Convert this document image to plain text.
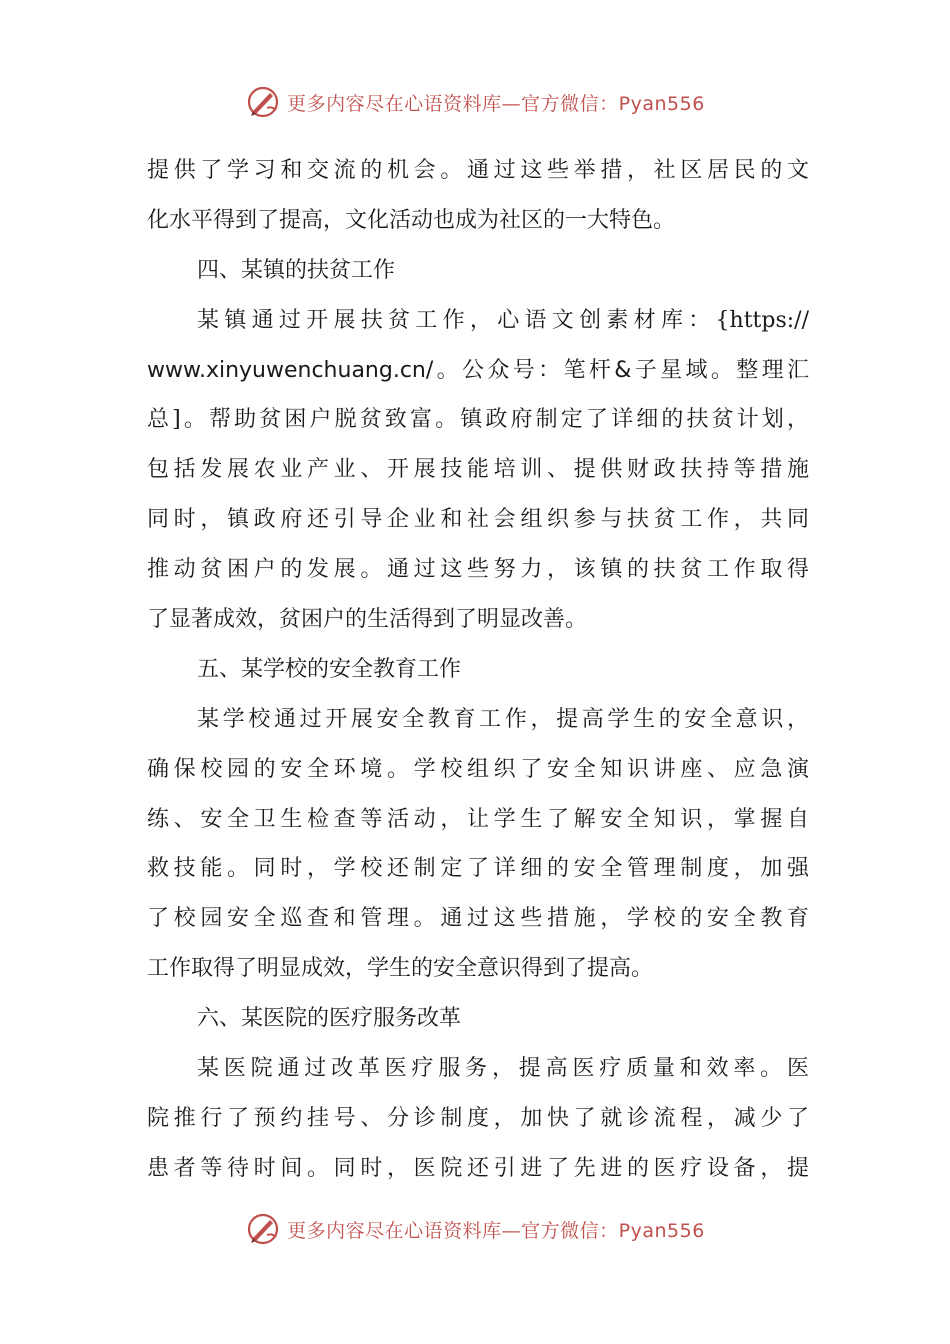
更多内容尽在心语资料库—官方微信：Pyan556
提供了学习和交流的机会。通过这些举措，社区居民的文
化水平得到了提高，文化活动也成为社区的一大特色。
四、某镇的扶贫工作
某镇通过开展扶贫工作，心语文创素材库：{https://
www.xinyuwenchuang.cn/。公众号：笔杆&子星域。整理汇
总]。帮助贫困户脱贫致富。镇政府制定了详细的扶贫计划，
包括发展农业产业、开展技能培训、提供财政扶持等措施
同时，镇政府还引导企业和社会组织参与扶贫工作，共同
推动贫困户的发展。通过这些努力，该镇的扶贫工作取得
了显著成效，贫困户的生活得到了明显改善。
五、某学校的安全教育工作
某学校通过开展安全教育工作，提高学生的安全意识，
确保校园的安全环境。学校组织了安全知识讲座、应急演
练、安全卫生检查等活动，让学生了解安全知识，掌握自
救技能。同时，学校还制定了详细的安全管理制度，加强
了校园安全巡查和管理。通过这些措施，学校的安全教育
工作取得了明显成效，学生的安全意识得到了提高。
六、某医院的医疗服务改革
某医院通过改革医疗服务，提高医疗质量和效率。医
院推行了预约挂号、分诊制度，加快了就诊流程，减少了
患者等待时间。同时，医院还引进了先进的医疗设备，提
更多内容尽在心语资料库—官方微信：Pyan556
